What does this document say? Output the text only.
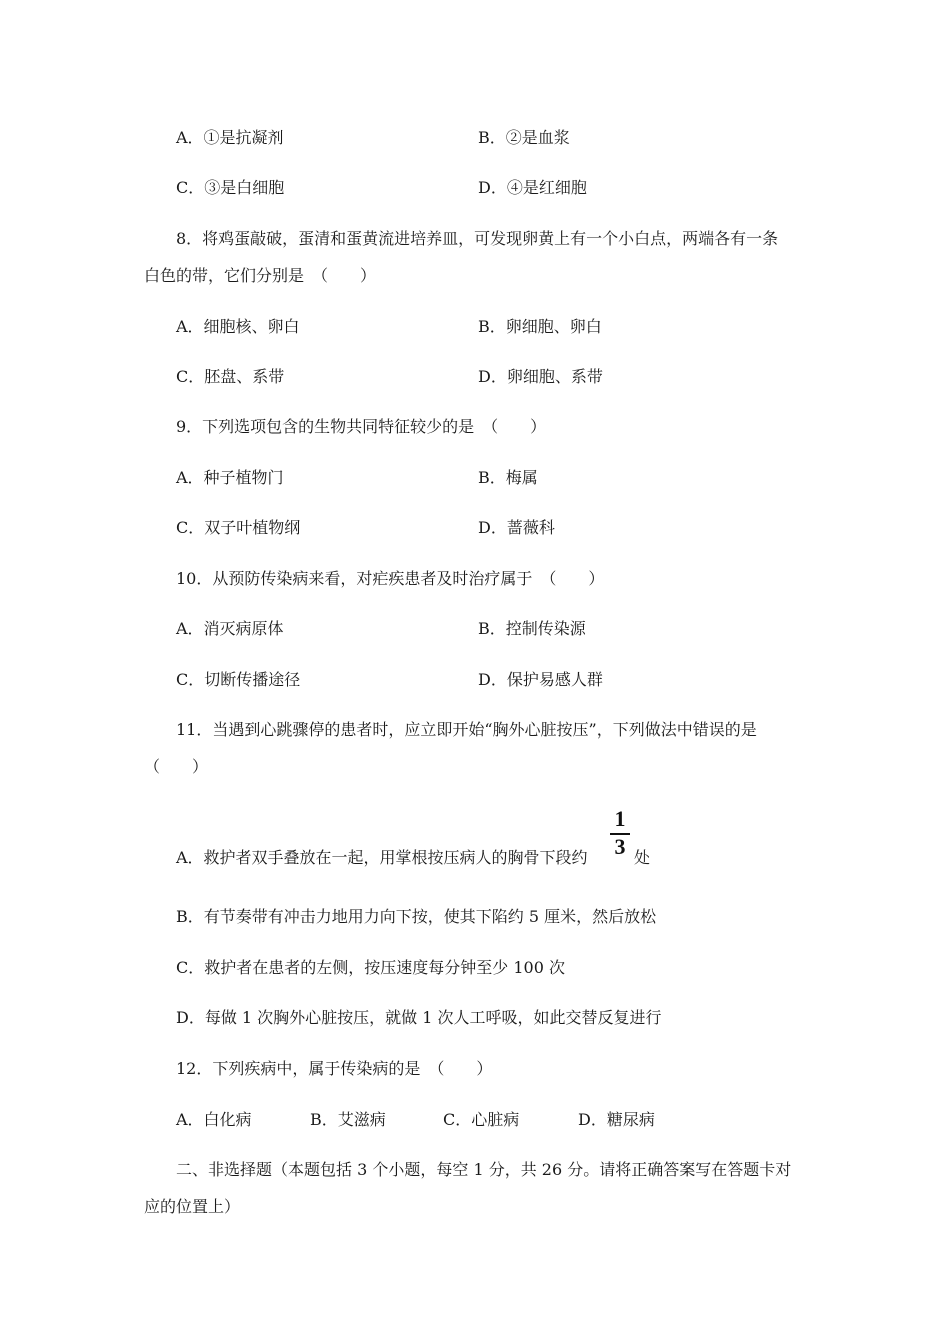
A．①是抗凝剂	B．②是血浆
C．③是白细胞	D．④是红细胞
8．将鸡蛋敲破，蛋清和蛋黄流进培养皿，可发现卵黄上有一个小白点，两端各有一条
白色的带，它们分别是　（　　）
A．细胞核、卵白	B．卵细胞、卵白
C．胚盘、系带	D．卵细胞、系带
9．下列选项包含的生物共同特征较少的是　（　　）
A．种子植物门	B．梅属
C．双子叶植物纲	D．蔷薇科
10．从预防传染病来看，对疟疾患者及时治疗属于　（　　）
A．消灭病原体	B．控制传染源
C．切断传播途径	D．保护易感人群
11．当遇到心跳骤停的患者时，应立即开始“胸外心脏按压”，下列做法中错误的是
（　　）
A．救护者双手叠放在一起，用掌根按压病人的胸骨下段约
1
3 处
B．有节奏带有冲击力地用力向下按，使其下陷约 5 厘米，然后放松
C．救护者在患者的左侧，按压速度每分钟至少 100 次
D．每做 1 次胸外心脏按压，就做 1 次人工呼吸，如此交替反复进行
12．下列疾病中，属于传染病的是　（　　）
A．白化病	B．艾滋病	C．心脏病	D．糖尿病
二、非选择题（本题包括 3 个小题，每空 1 分，共 26 分。请将正确答案写在答题卡对
应的位置上）
